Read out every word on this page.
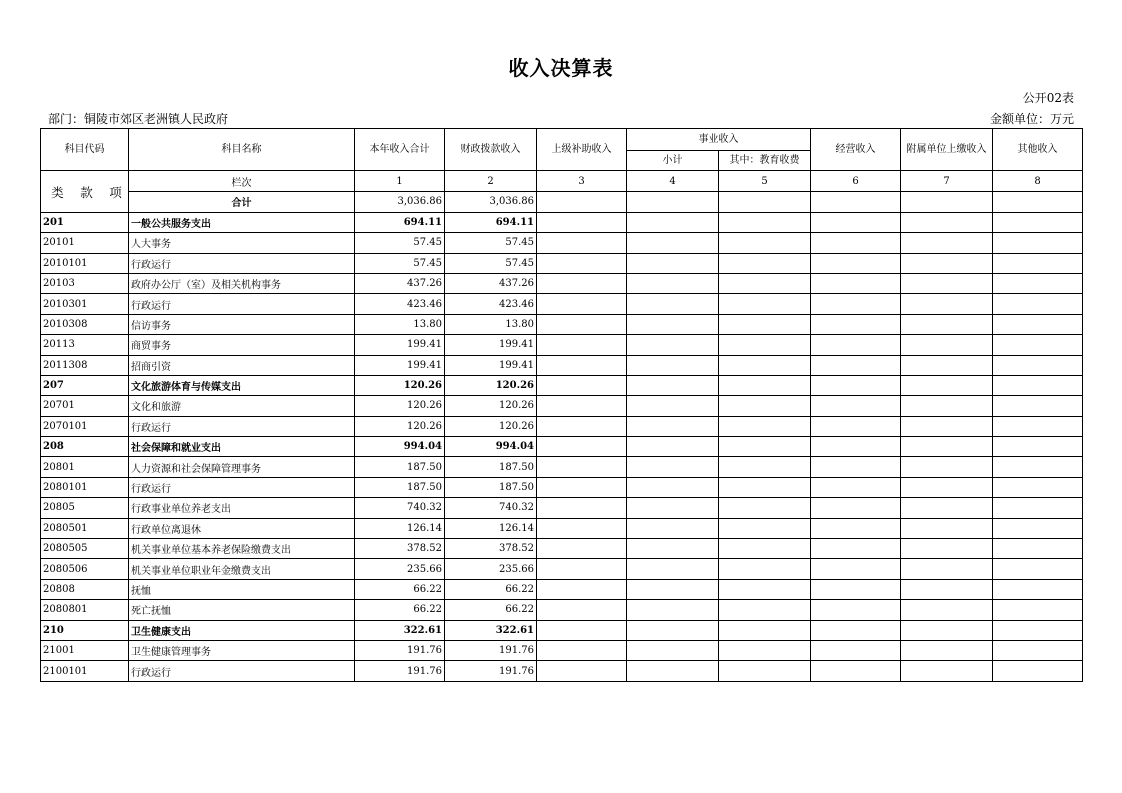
收入决算表
公开02表
部门：铜陵市郊区老洲镇人民政府	金额单位：万元
科目代码	科目名称	本年收入合计	财政拨款收入	上级补助收入	事业收入		经营收入	附属单位上缴收入	其他收入
					小计	其中：教育收费			
类 款 项	栏次	1	2	3	4	5	6	7	8
	合计	3,036.86	3,036.86						
201	一般公共服务支出	694.11	694.11						
20101	人大事务	57.45	57.45						
2010101	行政运行	57.45	57.45						
20103	政府办公厅（室）及相关机构事务	437.26	437.26						
2010301	行政运行	423.46	423.46						
2010308	信访事务	13.80	13.80						
20113	商贸事务	199.41	199.41						
2011308	招商引资	199.41	199.41						
207	文化旅游体育与传媒支出	120.26	120.26						
20701	文化和旅游	120.26	120.26						
2070101	行政运行	120.26	120.26						
208	社会保障和就业支出	994.04	994.04						
20801	人力资源和社会保障管理事务	187.50	187.50						
2080101	行政运行	187.50	187.50						
20805	行政事业单位养老支出	740.32	740.32						
2080501	行政单位离退休	126.14	126.14						
2080505	机关事业单位基本养老保险缴费支出	378.52	378.52						
2080506	机关事业单位职业年金缴费支出	235.66	235.66						
20808	抚恤	66.22	66.22						
2080801	死亡抚恤	66.22	66.22						
210	卫生健康支出	322.61	322.61						
21001	卫生健康管理事务	191.76	191.76						
2100101	行政运行	191.76	191.76						
